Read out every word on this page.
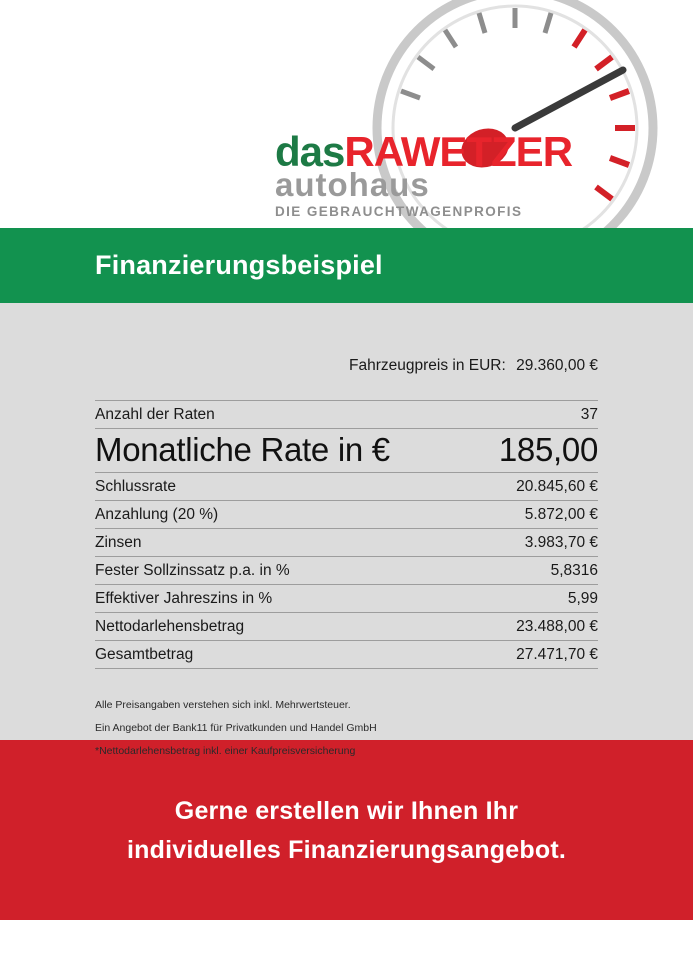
dasRAWETZER
autohaus
DIE GEBRAUCHTWAGENPROFIS
Finanzierungsbeispiel
Fahrzeugpreis in EUR: 29.360,00 €
Anzahl der Raten	37
Monatliche Rate in €	185,00
Schlussrate	20.845,60 €
Anzahlung (20 %)	5.872,00 €
Zinsen	3.983,70 €
Fester Sollzinssatz p.a. in %	5,8316
Effektiver Jahreszins in %	5,99
Nettodarlehensbetrag	23.488,00 €
Gesamtbetrag	27.471,70 €
Alle Preisangaben verstehen sich inkl. Mehrwertsteuer.
Ein Angebot der Bank11 für Privatkunden und Handel GmbH
*Nettodarlehensbetrag inkl. einer Kaufpreisversicherung
Gerne erstellen wir Ihnen Ihr
individuelles Finanzierungsangebot.
